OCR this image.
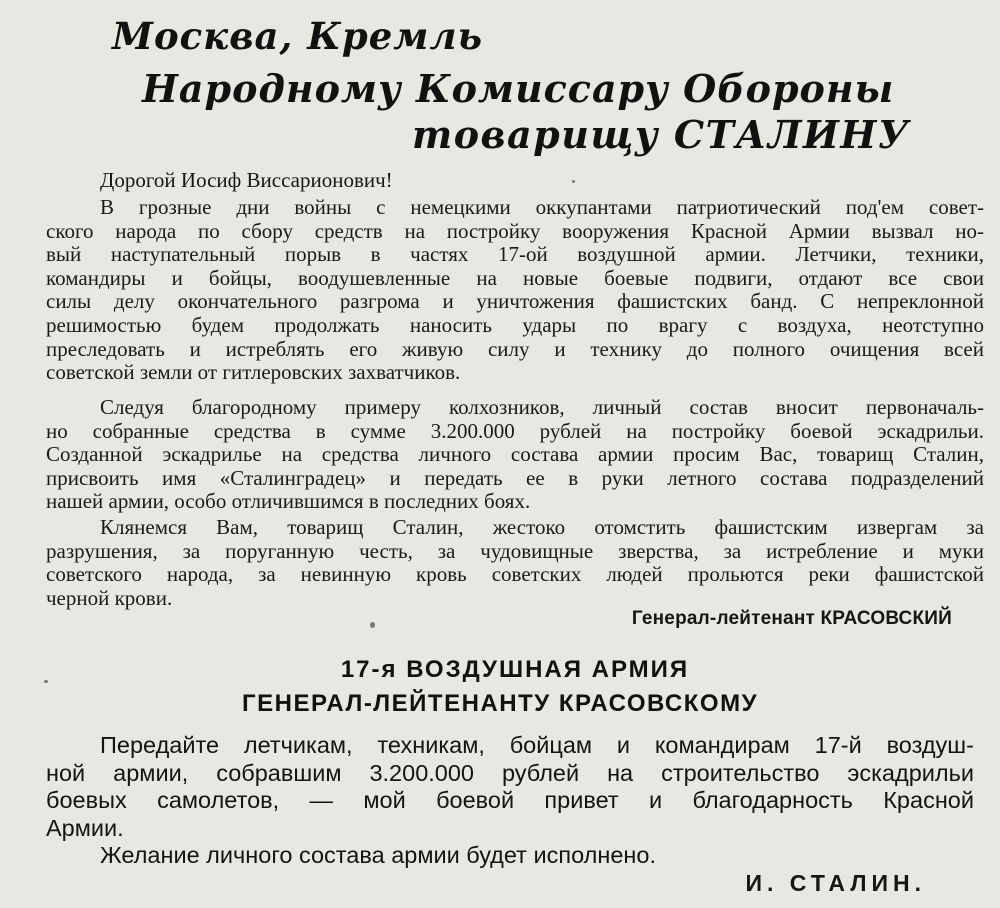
Москва, Кремль
Народному Комиссару Обороны
товарищу СТАЛИНУ
Дорогой Иосиф Виссарионович!
В грозные дни войны с немецкими оккупантами патриотический под'ем совет-
ского народа по сбору средств на постройку вооружения Красной Армии вызвал но-
вый наступательный порыв в частях 17-ой воздушной армии. Летчики, техники,
командиры и бойцы, воодушевленные на новые боевые подвиги, отдают все свои
силы делу окончательного разгрома и уничтожения фашистских банд. С непреклонной
решимостью будем продолжать наносить удары по врагу с воздуха, неотступно
преследовать и истреблять его живую силу и технику до полного очищения всей
советской земли от гитлеровских захватчиков.
Следуя благородному примеру колхозников, личный состав вносит первоначаль-
но собранные средства в сумме 3.200.000 рублей на постройку боевой эскадрильи.
Созданной эскадрилье на средства личного состава армии просим Вас, товарищ Сталин,
присвоить имя «Сталинградец» и передать ее в руки летного состава подразделений
нашей армии, особо отличившимся в последних боях.
Клянемся Вам, товарищ Сталин, жестоко отомстить фашистским извергам за
разрушения, за поруганную честь, за чудовищные зверства, за истребление и муки
советского народа, за невинную кровь советских людей прольются реки фашистской
черной крови.
Генерал-лейтенант КРАСОВСКИЙ
17-я ВОЗДУШНАЯ АРМИЯ
ГЕНЕРАЛ-ЛЕЙТЕНАНТУ КРАСОВСКОМУ
Передайте летчикам, техникам, бойцам и командирам 17-й воздуш-
ной армии, собравшим 3.200.000 рублей на строительство эскадрильи
боевых самолетов, — мой боевой привет и благодарность Красной
Армии.
Желание личного состава армии будет исполнено.
И. СТАЛИН.
